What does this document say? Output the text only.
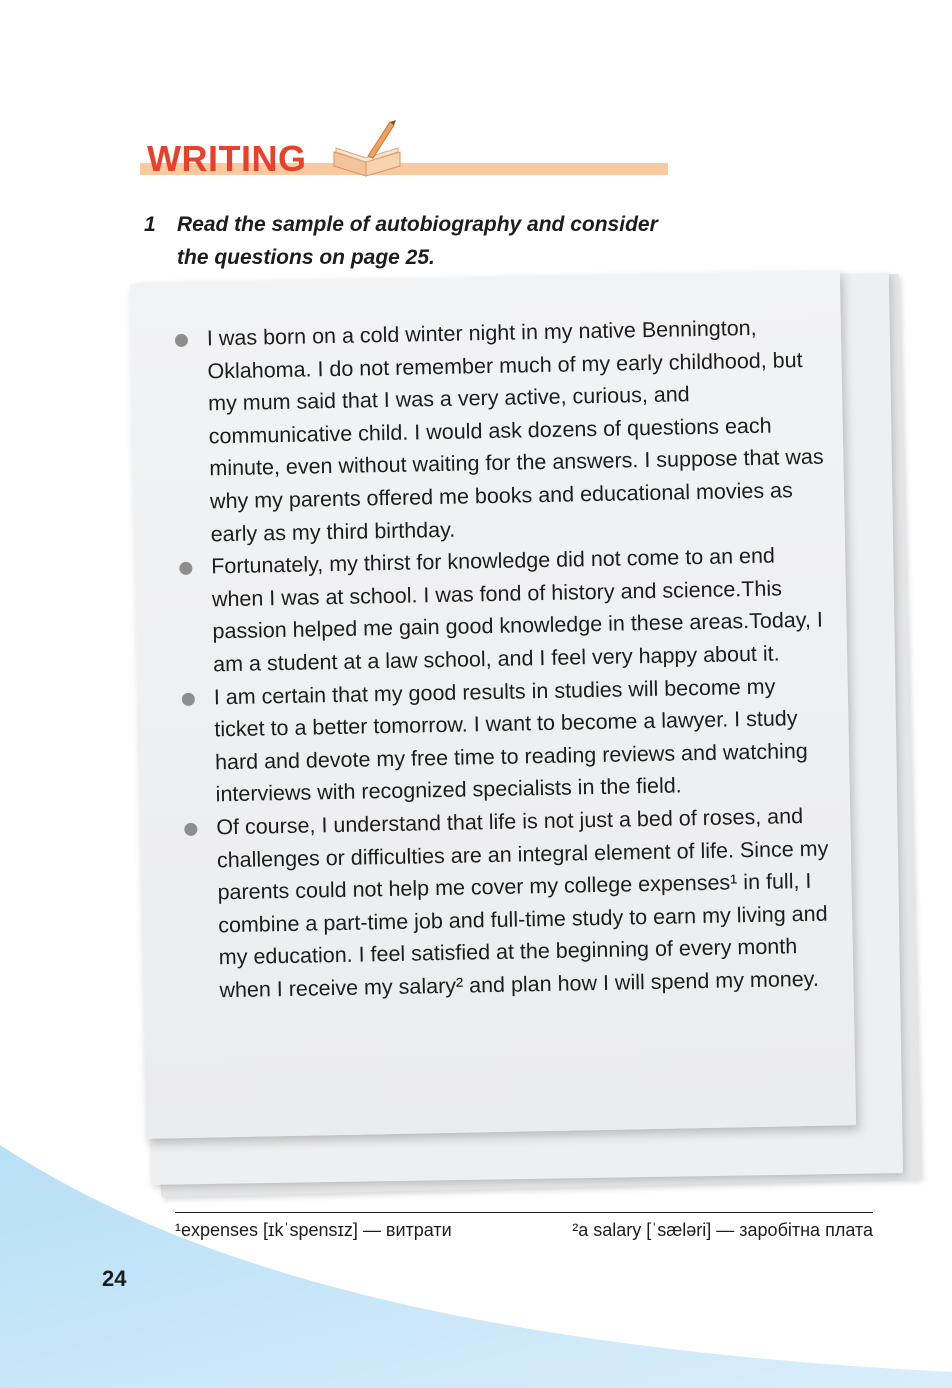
WRITING
1 Read the sample of autobiography and consider
the questions on page 25.

I was born on a cold winter night in my native Bennington, Oklahoma. I do not remember much of my early childhood, but my mum said that I was a very active, curious, and communicative child. I would ask dozens of questions each minute, even without waiting for the answers. I suppose that was why my parents offered me books and educational movies as early as my third birthday.

Fortunately, my thirst for knowledge did not come to an end when I was at school. I was fond of history and science.This passion helped me gain good knowledge in these areas.Today, I am a student at a law school, and I feel very happy about it.

I am certain that my good results in studies will become my ticket to a better tomorrow. I want to become a lawyer. I study hard and devote my free time to reading reviews and watching interviews with recognized specialists in the field.

Of course, I understand that life is not just a bed of roses, and challenges or difficulties are an integral element of life. Since my parents could not help me cover my college expenses¹ in full, I combine a part-time job and full-time study to earn my living and my education. I feel satisfied at the beginning of every month when I receive my salary² and plan how I will spend my money.

¹expenses [ɪkˈspensɪz] — витрати	²a salary [ˈsæləri] — заробітна плата
24
